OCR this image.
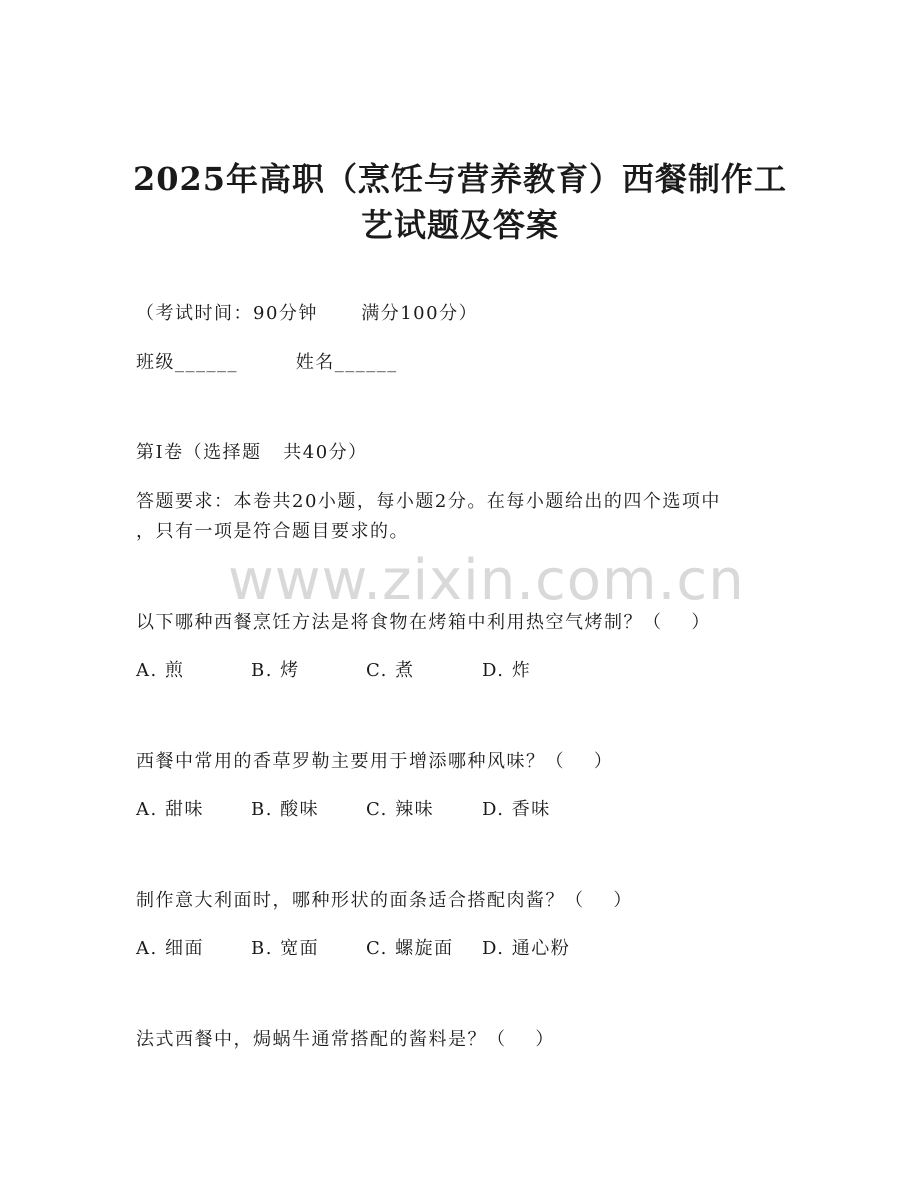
2025年高职（烹饪与营养教育）西餐制作工
艺试题及答案
（考试时间：90分钟      满分100分）
班级______        姓名______
第I卷（选择题   共40分）
答题要求：本卷共20小题，每小题2分。在每小题给出的四个选项中
，只有一项是符合题目要求的。
www.zixin.com.cn
以下哪种西餐烹饪方法是将食物在烤箱中利用热空气烤制？（    ）
A. 煎	B. 烤	C. 煮	D. 炸
西餐中常用的香草罗勒主要用于增添哪种风味？（    ）
A. 甜味	B. 酸味	C. 辣味	D. 香味
制作意大利面时，哪种形状的面条适合搭配肉酱？（    ）
A. 细面	B. 宽面	C. 螺旋面 D. 通心粉
法式西餐中，焗蜗牛通常搭配的酱料是？（    ）
